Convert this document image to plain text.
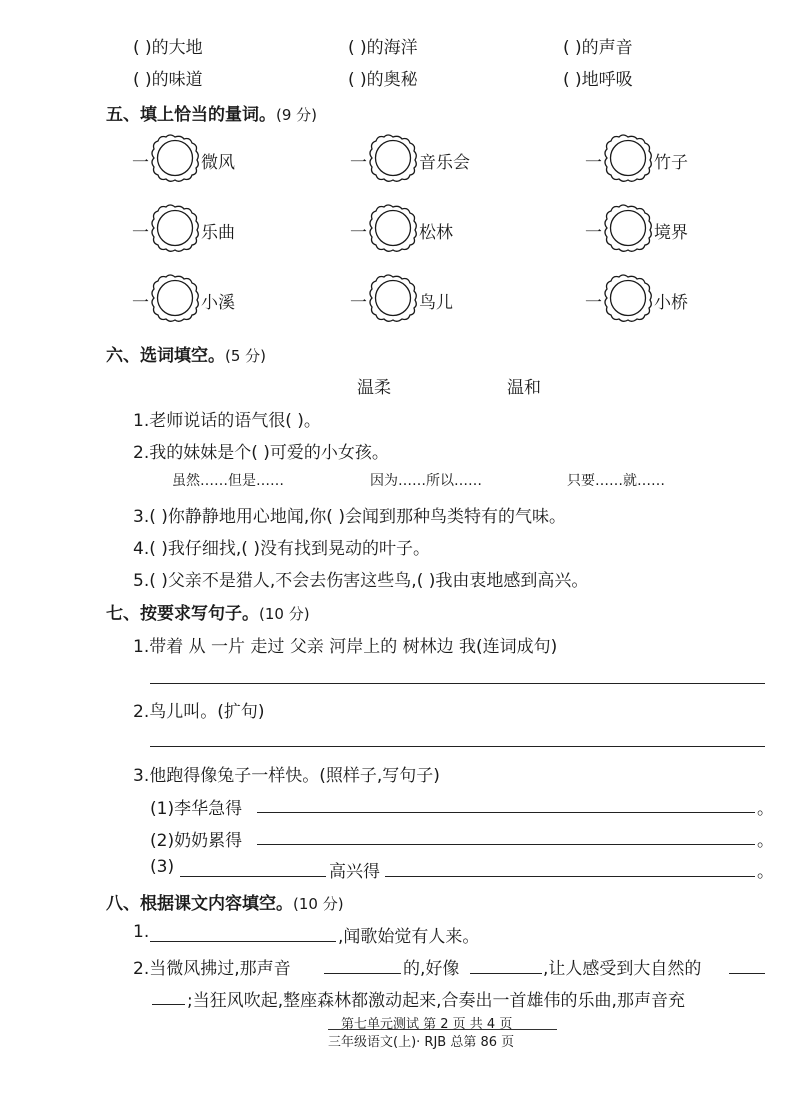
( )的大地	( )的海洋	( )的声音
( )的味道	( )的奥秘	( )地呼吸
五、填上恰当的量词。(9 分)
一	微风	一	音乐会	一	竹子
一	乐曲	一	松林	一	境界
一	小溪	一	鸟儿	一	小桥
六、选词填空。(5 分)
温柔	温和
1.老师说话的语气很( )。
2.我的妹妹是个( )可爱的小女孩。
虽然……但是……	因为……所以……	只要……就……
3.( )你静静地用心地闻,你( )会闻到那种鸟类特有的气味。
4.( )我仔细找,( )没有找到晃动的叶子。
5.( )父亲不是猎人,不会去伤害这些鸟,( )我由衷地感到高兴。
七、按要求写句子。(10 分)
1.带着 从 一片 走过 父亲 河岸上的 树林边 我(连词成句)
2.鸟儿叫。(扩句)
3.他跑得像兔子一样快。(照样子,写句子)
(1)李华急得	。
(2)奶奶累得	。
(3)	高兴得	。
八、根据课文内容填空。(10 分)
1.	,闻歌始觉有人来。
2.当微风拂过,那声音	的,好像	,让人感受到大自然的
;当狂风吹起,整座森林都激动起来,合奏出一首雄伟的乐曲,那声音充
第七单元测试 第 2 页 共 4 页
三年级语文(上)· RJB 总第 86 页
